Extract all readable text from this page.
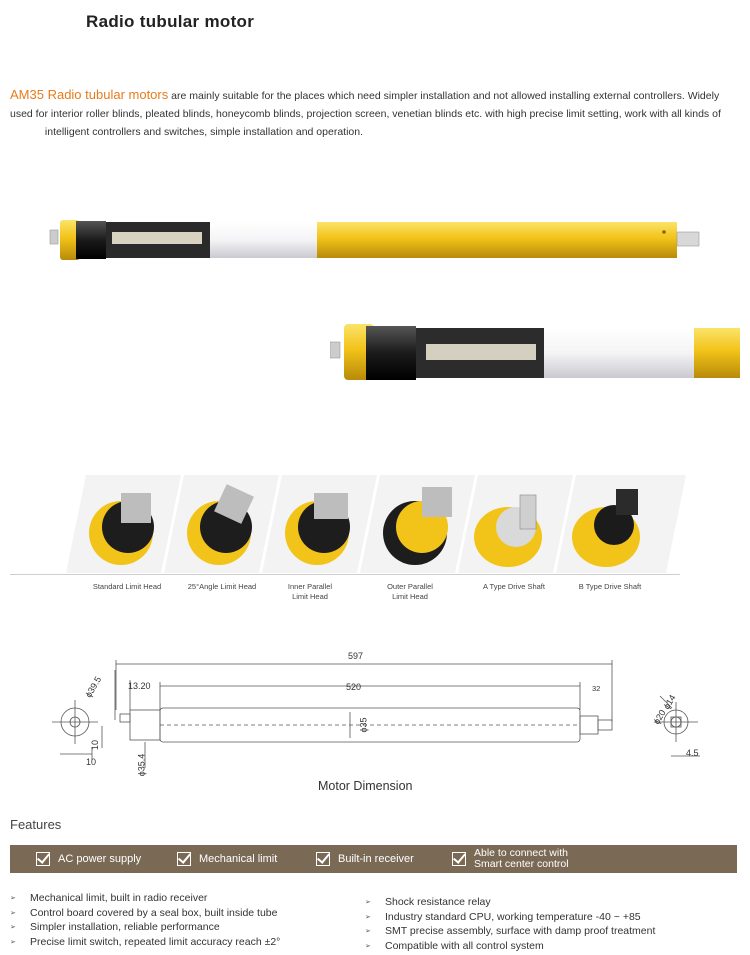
Radio tubular motor

AM35 Radio tubular motors are mainly suitable for the places which need simpler installation and not allowed installing external controllers. Widely used for interior roller blinds, pleated blinds, honeycomb blinds, projection screen, venetian blinds etc. with high precise limit setting, work with all kinds of  intelligent controllers and switches, simple installation and operation.

Standard Limit Head	25°Angle Limit Head	Inner Parallel
Limit Head
Outer Parallel
Limit Head
A Type Drive Shaft	B Type Drive Shaft
597
13.20	520	32
ϕ35
ϕ35.4
ϕ39.5
10
10
ϕ20
ϕ14
4.5
Motor Dimension
Features
AC power supply	Mechanical limit	Built-in receiver	Able to connect with
Smart center control
➢ Mechanical limit, built in radio receiver
➢ Control board covered by a seal box, built inside tube
➢ Simpler installation, reliable performance
➢ Precise limit switch, repeated limit accuracy reach ±2°
➢ Shock resistance relay
➢ Industry standard CPU, working temperature -40 ~ +85
➢ SMT precise assembly, surface with damp proof treatment
➢ Compatible with all control system
